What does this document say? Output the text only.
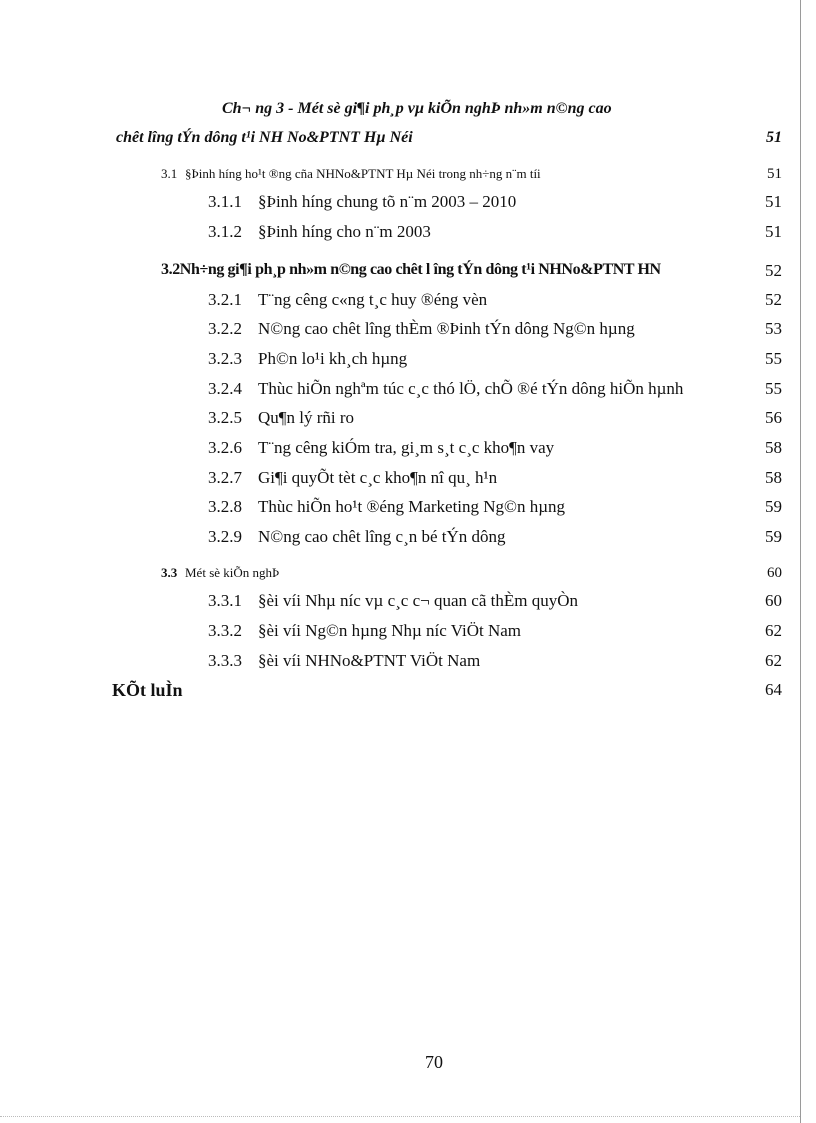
Ch¬ ng 3 - Mét sè gi¶i ph¸p vµ kiÕn nghÞ nh»m n©ng cao
chêt lîng tÝn dông t¹i NH No&PTNT Hµ Néi	51
3.1 §Þinh híng ho¹t ®ng cña NHNo&PTNT Hµ Néi trong nh÷ng n¨m tíi	51
3.1.1 §Þinh híng chung tõ n¨m 2003 – 2010	51
3.1.2 §Þinh híng cho n¨m 2003	51
3.2Nh÷ng gi¶i ph¸p nh»m n©ng cao chêt l îng tÝn dông t¹i NHNo&PTNT HN	52
3.2.1 T¨ng cêng c«ng t¸c huy ®éng vèn	52
3.2.2 N©ng cao chêt lîng thÈm ®Þinh tÝn dông Ng©n hµng	53
3.2.3 Ph©n lo¹i kh¸ch hµng	55
3.2.4 Thùc hiÕn nghªm túc c¸c thó lÖ, chÕ ®é tÝn dông hiÕn hµnh	55
3.2.5 Qu¶n lý rñi ro	56
3.2.6 T¨ng cêng kiÓm tra, gi¸m s¸t c¸c kho¶n vay	58
3.2.7 Gi¶i quyÕt tèt c¸c kho¶n nî qu¸ h¹n	58
3.2.8 Thùc hiÕn ho¹t ®éng Marketing Ng©n hµng	59
3.2.9 N©ng cao chêt lîng c¸n bé tÝn dông	59
3.3 Mét sè kiÕn nghÞ	60
3.3.1 §èi víi Nhµ níc vµ c¸c c¬ quan cã thÈm quyÒn	60
3.3.2 §èi víi Ng©n hµng Nhµ níc ViÖt Nam	62
3.3.3 §èi víi NHNo&PTNT ViÖt Nam	62
KÕt luÌn	64
70
